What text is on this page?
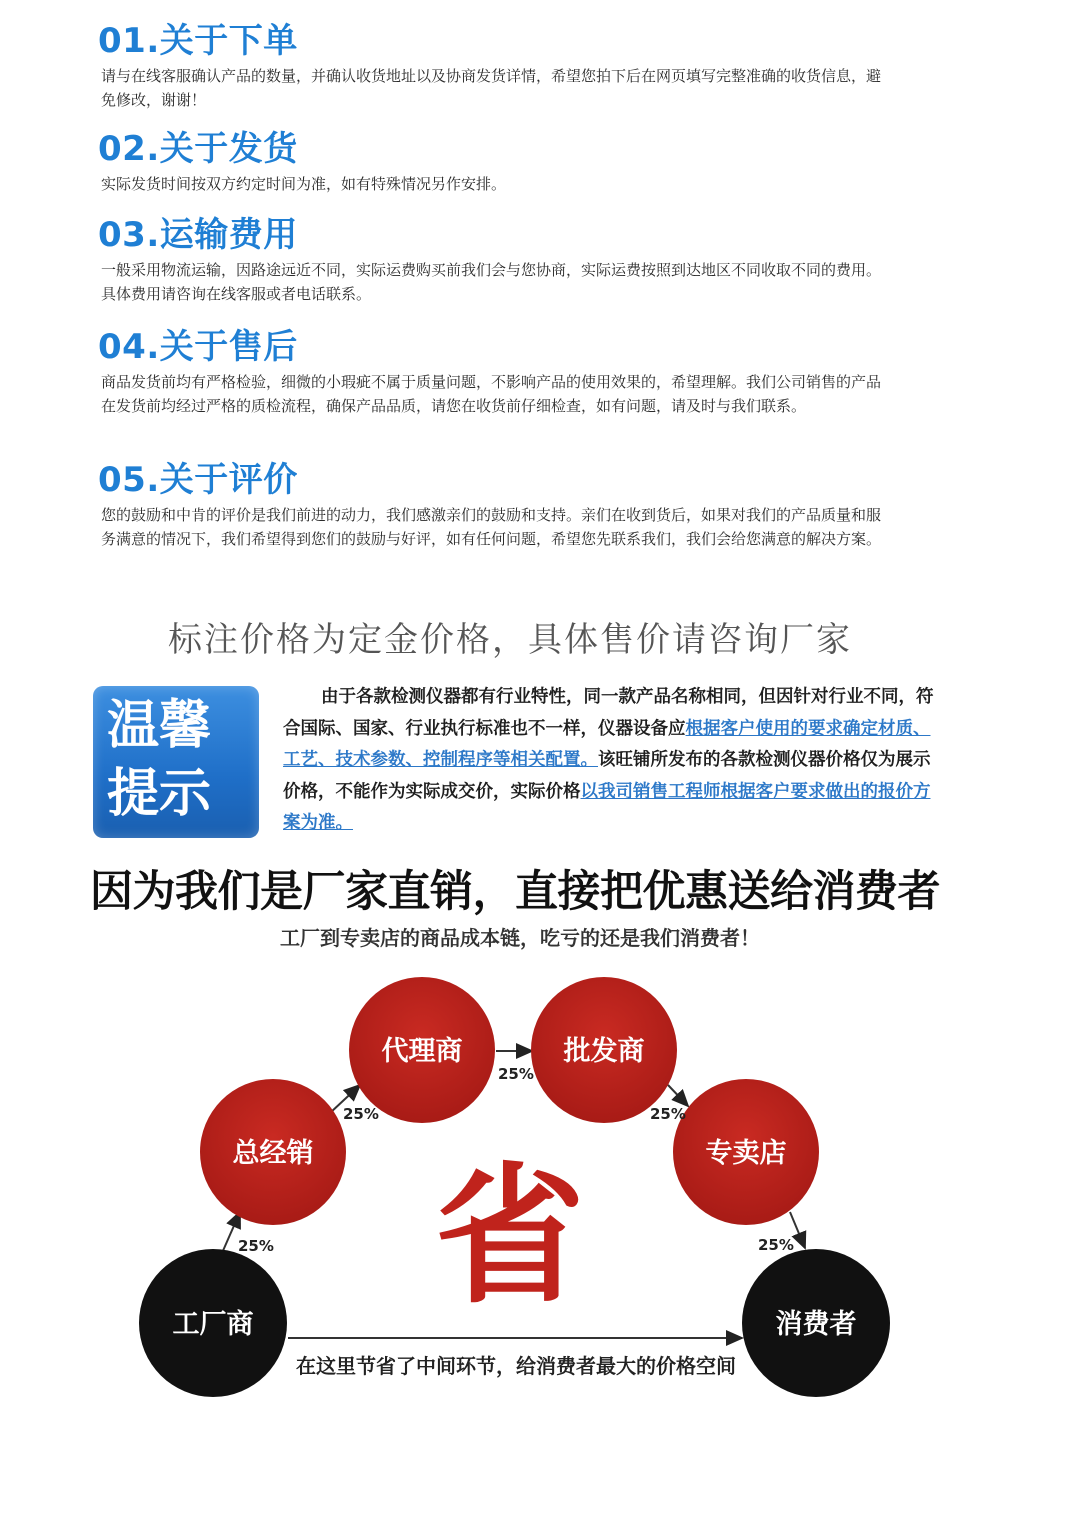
01.关于下单

请与在线客服确认产品的数量，并确认收货地址以及协商发货详情，希望您拍下后在网页填写完整准确的收货信息，避免修改，谢谢！

02.关于发货

实际发货时间按双方约定时间为准，如有特殊情况另作安排。

03.运输费用

一般采用物流运输，因路途远近不同，实际运费购买前我们会与您协商，实际运费按照到达地区不同收取不同的费用。具体费用请咨询在线客服或者电话联系。

04.关于售后

商品发货前均有严格检验，细微的小瑕疵不属于质量问题，不影响产品的使用效果的，希望理解。我们公司销售的产品在发货前均经过严格的质检流程，确保产品品质，请您在收货前仔细检查，如有问题，请及时与我们联系。

05.关于评价

您的鼓励和中肯的评价是我们前进的动力，我们感激亲们的鼓励和支持。亲们在收到货后，如果对我们的产品质量和服务满意的情况下，我们希望得到您们的鼓励与好评，如有任何问题，希望您先联系我们，我们会给您满意的解决方案。

标注价格为定金价格，具体售价请咨询厂家
温馨
提示
由于各款检测仪器都有行业特性，同一款产品名称相同，但因针对行业不同，符合国际、国家、行业执行标准也不一样，仪器设备应根据客户使用的要求确定材质、工艺、技术参数、控制程序等相关配置。该旺铺所发布的各款检测仪器价格仅为展示价格，不能作为实际成交价，实际价格以我司销售工程师根据客户要求做出的报价方案为准。
因为我们是厂家直销，直接把优惠送给消费者
工厂到专卖店的商品成本链，吃亏的还是我们消费者！
总经销
代理商	批发商
专卖店
工厂商	消费者
25%
25%
25%
25%
25%
省
在这里节省了中间环节，给消费者最大的价格空间
